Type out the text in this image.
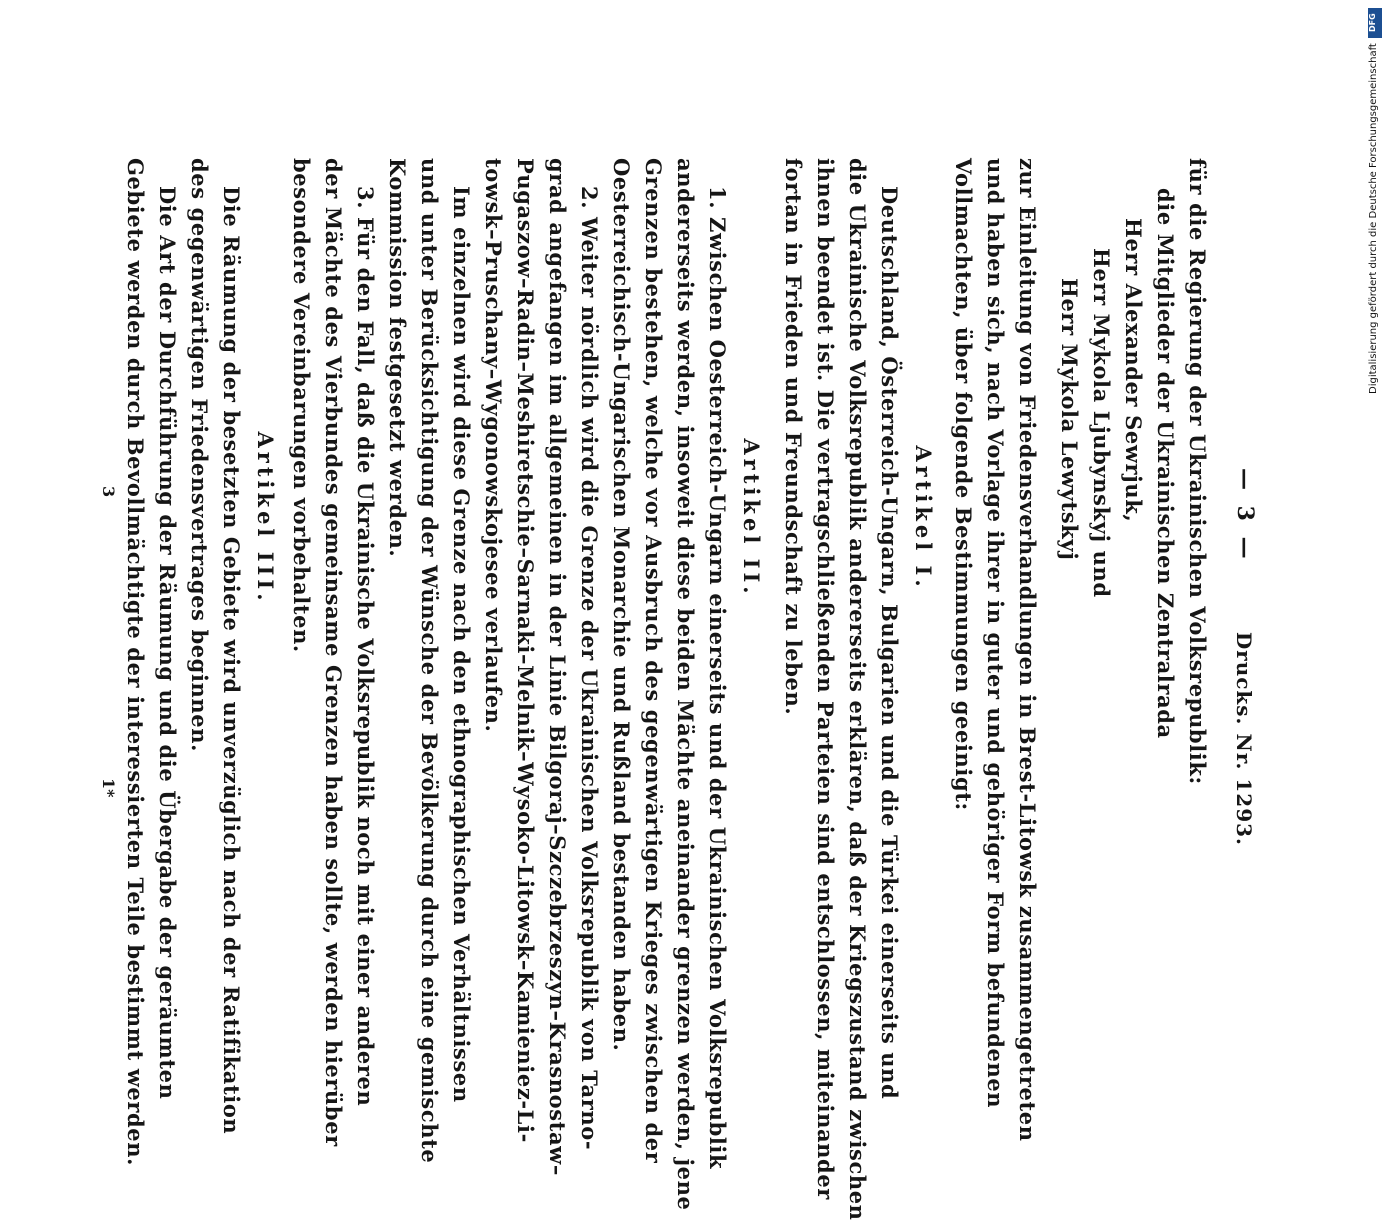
— 3 —
Drucks. Nr. 1293.
für die Regierung der Ukrainischen Volksrepublik:
die Mitglieder der Ukrainischen Zentralrada
Herr Alexander Sewrjuk,
Herr Mykola Ljubynskyj und
Herr Mykola Lewytskyj
zur Einleitung von Friedensverhandlungen in Brest-Litowsk zusammengetreten
und haben sich, nach Vorlage ihrer in guter und gehöriger Form befundenen
Vollmachten, über folgende Bestimmungen geeinigt:
Artikel I.
Deutschland, Österreich-Ungarn, Bulgarien und die Türkei einerseits und
die Ukrainische Volksrepublik andererseits erklären, daß der Kriegszustand zwischen
ihnen beendet ist. Die vertragschließenden Parteien sind entschlossen, miteinander
fortan in Frieden und Freundschaft zu leben.
Artikel II.
1. Zwischen Oesterreich-Ungarn einerseits und der Ukrainischen Volksrepublik
andererseits werden, insoweit diese beiden Mächte aneinander grenzen werden, jene
Grenzen bestehen, welche vor Ausbruch des gegenwärtigen Krieges zwischen der
Oesterreichisch-Ungarischen Monarchie und Rußland bestanden haben.
2. Weiter nördlich wird die Grenze der Ukrainischen Volksrepublik von Tarno-
grad angefangen im allgemeinen in der Linie Bilgoraj–Szczebrzeszyn–Krasnostaw–
Pugaszow–Radin–Meshiretschie–Sarnaki–Melnik–Wysoko-Litowsk–Kamieniez-Li-
towsk–Pruschany–Wygonowskojesee verlaufen.
Im einzelnen wird diese Grenze nach den ethnographischen Verhältnissen
und unter Berücksichtigung der Wünsche der Bevölkerung durch eine gemischte
Kommission festgesetzt werden.
3. Für den Fall, daß die Ukrainische Volksrepublik noch mit einer anderen
der Mächte des Vierbundes gemeinsame Grenzen haben sollte, werden hierüber
besondere Vereinbarungen vorbehalten.
Artikel III.
Die Räumung der besetzten Gebiete wird unverzüglich nach der Ratifikation
des gegenwärtigen Friedensvertrages beginnen.
Die Art der Durchführung der Räumung und die Übergabe der geräumten
Gebiete werden durch Bevollmächtigte der interessierten Teile bestimmt werden.
3
1*
DFG
Digitalisierung gefördert durch die Deutsche Forschungsgemeinschaft
